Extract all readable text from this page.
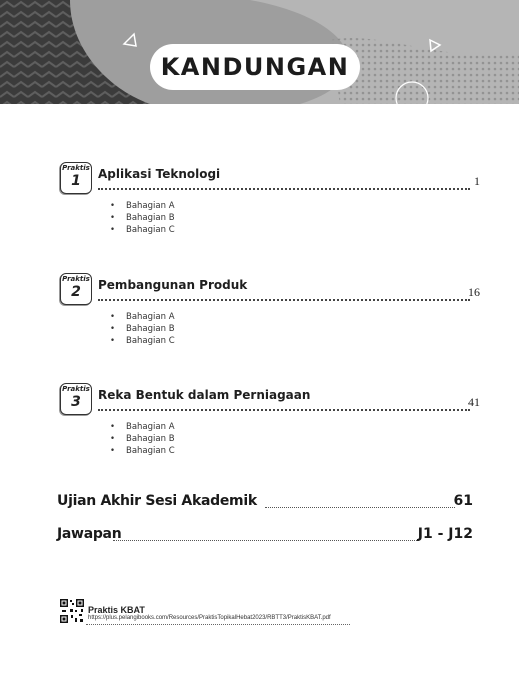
KANDUNGAN
Praktis
1	Aplikasi Teknologi	1
• Bahagian A
• Bahagian B
• Bahagian C
Praktis
2	Pembangunan Produk	16
• Bahagian A
• Bahagian B
• Bahagian C
Praktis
3	Reka Bentuk dalam Perniagaan	41
• Bahagian A
• Bahagian B
• Bahagian C
Ujian Akhir Sesi Akademik	61
Jawapan	J1 - J12
Praktis KBAT
https://plus.pelangibooks.com/Resources/PraktisTopikalHebat2023/RBTT3/PraktisKBAT.pdf
